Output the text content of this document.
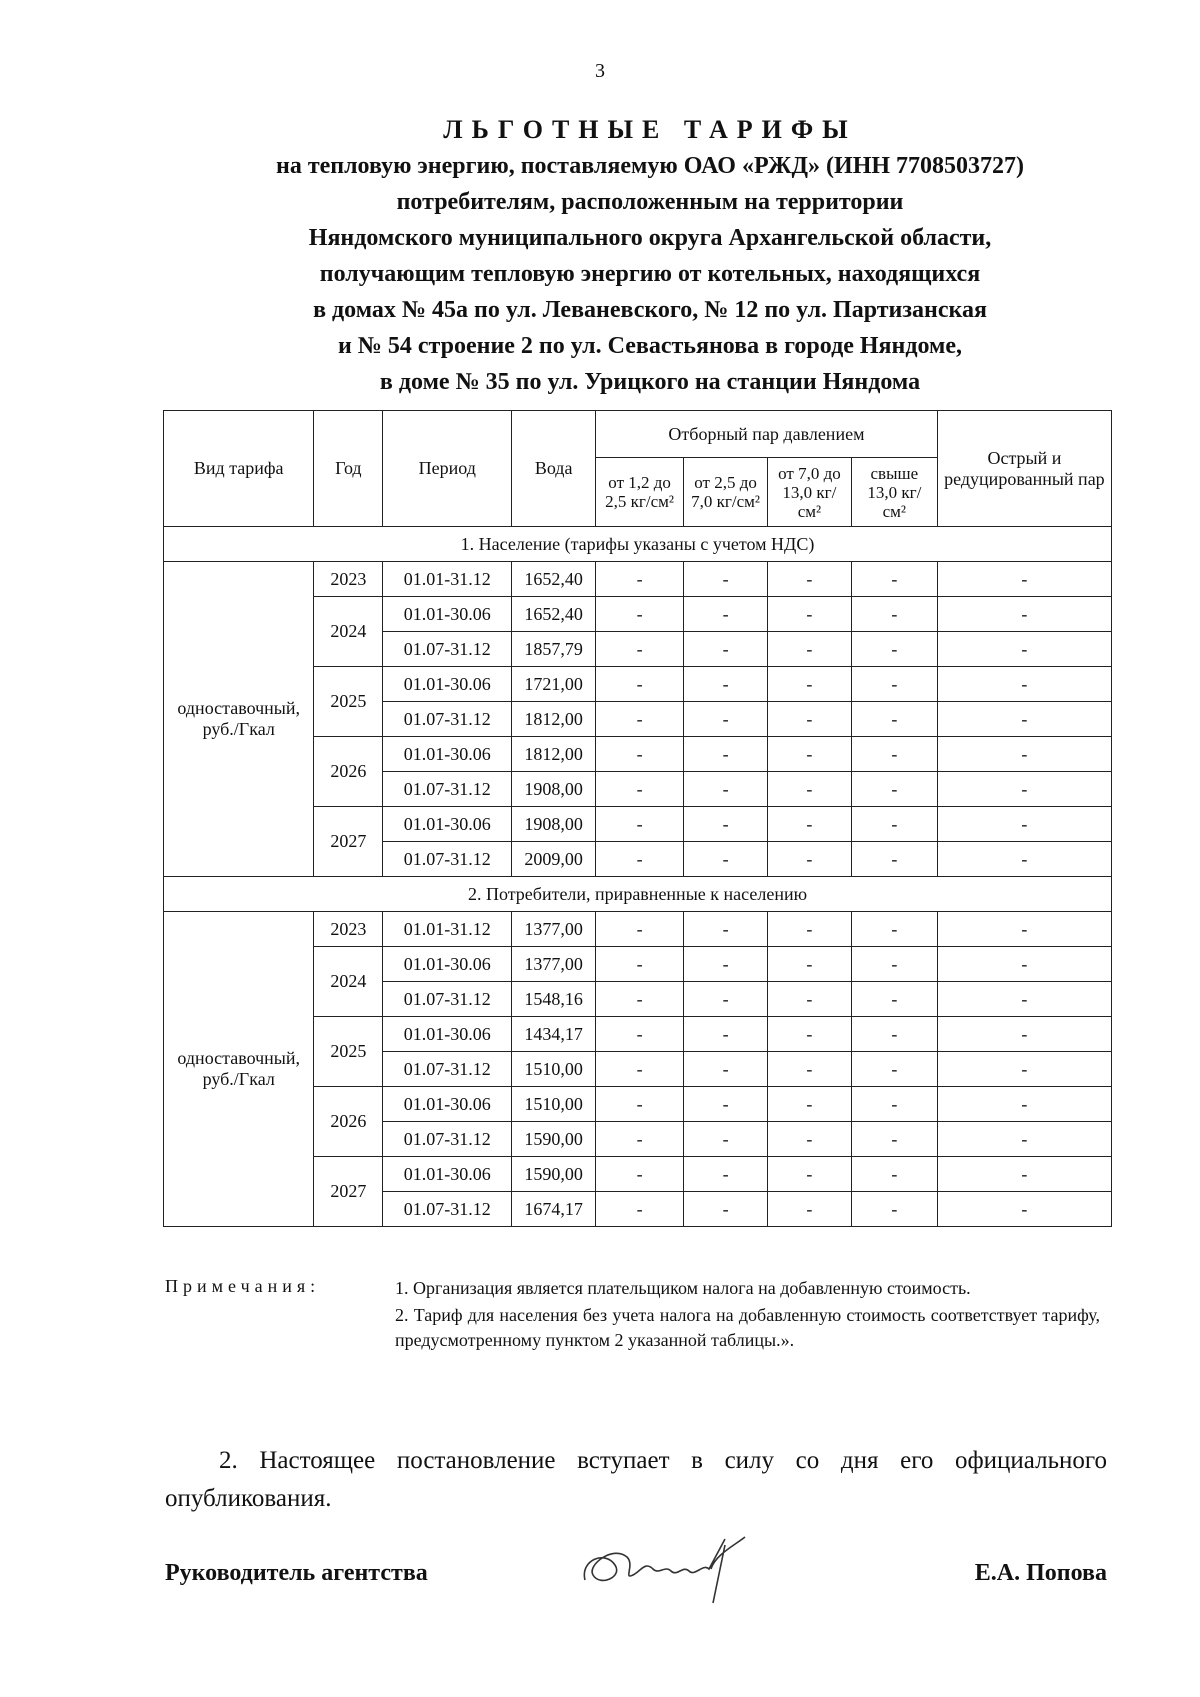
3
ЛЬГОТНЫЕ ТАРИФЫ
на тепловую энергию, поставляемую ОАО «РЖД» (ИНН 7708503727)
потребителям, расположенным на территории
Няндомского муниципального округа Архангельской области,
получающим тепловую энергию от котельных, находящихся
в домах № 45а по ул. Леваневского, № 12 по ул. Партизанская
и № 54 строение 2 по ул. Севастьянова в городе Няндоме,
в доме № 35 по ул. Урицкого на станции Няндома
Вид тарифа	Год	Период	Вода	Отборный пар давлением				Острый и редуцированный пар
				от 1,2 до 2,5 кг/см²	от 2,5 до 7,0 кг/см²	от 7,0 до 13,0 кг/см²	свыше 13,0 кг/см²	
1. Население (тарифы указаны с учетом НДС)								
одноставочный, руб./Гкал	2023	01.01-31.12	1652,40	-	-	-	-	-
	2024	01.01-30.06	1652,40	-	-	-	-	-
		01.07-31.12	1857,79	-	-	-	-	-
	2025	01.01-30.06	1721,00	-	-	-	-	-
		01.07-31.12	1812,00	-	-	-	-	-
	2026	01.01-30.06	1812,00	-	-	-	-	-
		01.07-31.12	1908,00	-	-	-	-	-
	2027	01.01-30.06	1908,00	-	-	-	-	-
		01.07-31.12	2009,00	-	-	-	-	-
2. Потребители, приравненные к населению								
одноставочный, руб./Гкал	2023	01.01-31.12	1377,00	-	-	-	-	-
	2024	01.01-30.06	1377,00	-	-	-	-	-
		01.07-31.12	1548,16	-	-	-	-	-
	2025	01.01-30.06	1434,17	-	-	-	-	-
		01.07-31.12	1510,00	-	-	-	-	-
	2026	01.01-30.06	1510,00	-	-	-	-	-
		01.07-31.12	1590,00	-	-	-	-	-
	2027	01.01-30.06	1590,00	-	-	-	-	-
		01.07-31.12	1674,17	-	-	-	-	-
Примечания:	1. Организация является плательщиком налога на добавленную стоимость.
2. Тариф для населения без учета налога на добавленную стоимость соответствует тарифу, предусмотренному пунктом 2 указанной таблицы.».
2. Настоящее постановление вступает в силу со дня его официального опубликования.
Руководитель агентства	Е.А. Попова
